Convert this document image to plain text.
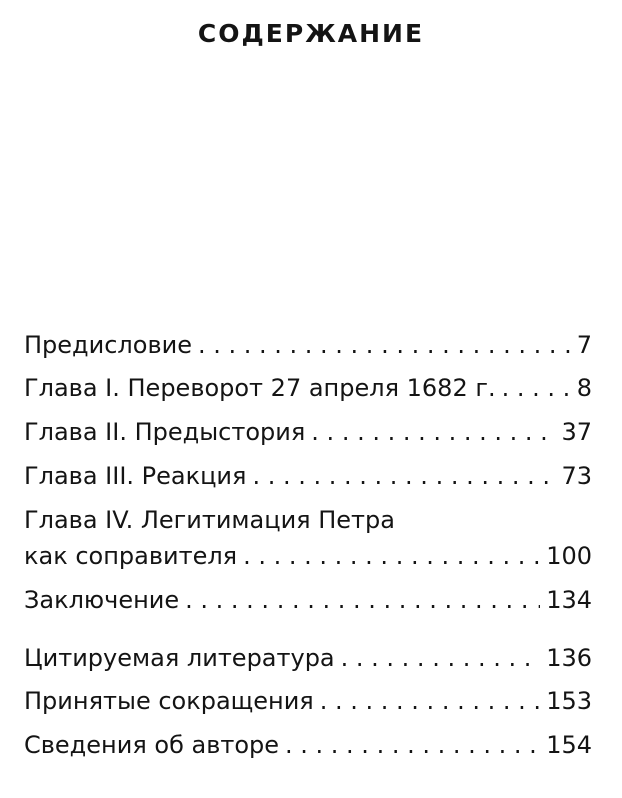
СОДЕРЖАНИЕ
Предисловие . . .	7
Глава I. Переворот 27 апреля 1682 г. . . .	8
Глава II. Предыстория . . .	37
Глава III. Реакция . . .	73
Глава IV. Легитимация Петра
как соправителя . . .	100
Заключение . . .	134
Цитируемая литература . . .	136
Принятые сокращения . . .	153
Сведения об авторе . . .	154
